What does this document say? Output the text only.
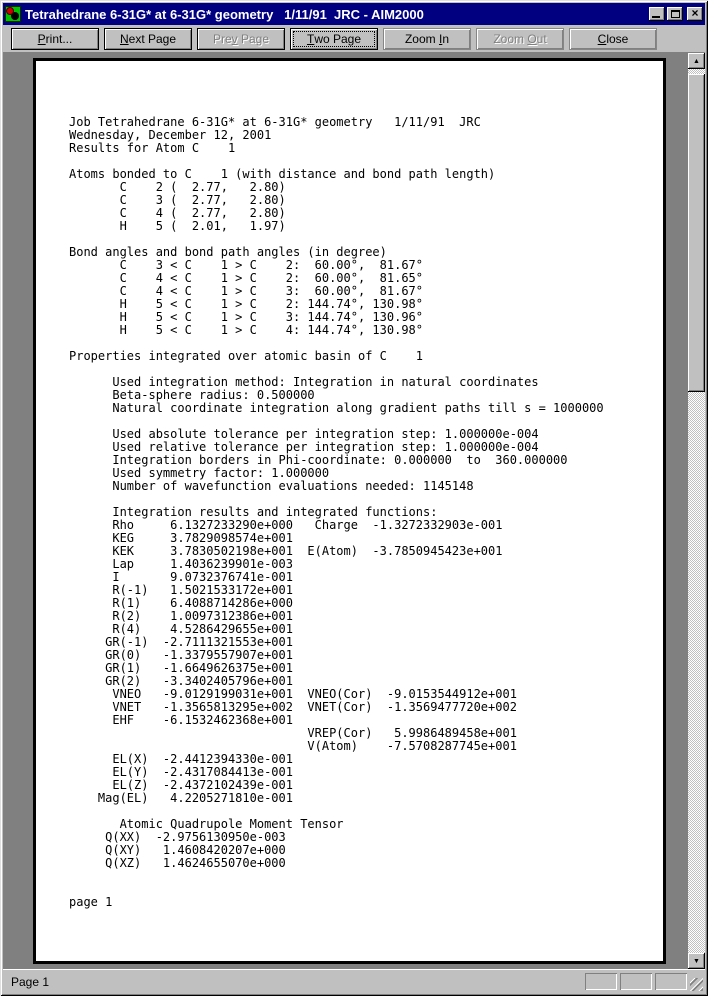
Tetrahedrane 6-31G* at 6-31G* geometry   1/11/91  JRC - AIM2000	×
P rint...	N ext Page	Pre v Page	T wo Page	Zoom I n	Zoom O ut	C lose
Job Tetrahedrane 6-31G* at 6-31G* geometry   1/11/91  JRC
Wednesday, December 12, 2001
Results for Atom C    1
Atoms bonded to C    1 (with distance and bond path length)
C    2 (  2.77,   2.80)
C    3 (  2.77,   2.80)
C    4 (  2.77,   2.80)
H    5 (  2.01,   1.97)
Bond angles and bond path angles (in degree)
C    3 < C    1 > C    2:  60.00°,  81.67°
C    4 < C    1 > C    2:  60.00°,  81.65°
C    4 < C    1 > C    3:  60.00°,  81.67°
H    5 < C    1 > C    2: 144.74°, 130.98°
H    5 < C    1 > C    3: 144.74°, 130.96°
H    5 < C    1 > C    4: 144.74°, 130.98°
Properties integrated over atomic basin of C    1
Used integration method: Integration in natural coordinates
Beta-sphere radius: 0.500000
Natural coordinate integration along gradient paths till s = 1000000
Used absolute tolerance per integration step: 1.000000e-004
Used relative tolerance per integration step: 1.000000e-004
Integration borders in Phi-coordinate: 0.000000  to  360.000000
Used symmetry factor: 1.000000
Number of wavefunction evaluations needed: 1145148
Integration results and integrated functions:
Rho     6.1327233290e+000   Charge  -1.3272332903e-001
KEG     3.7829098574e+001
KEK     3.7830502198e+001  E(Atom)  -3.7850945423e+001
Lap     1.4036239901e-003
I       9.0732376741e-001
R(-1)   1.5021533172e+001
R(1)    6.4088714286e+000
R(2)    1.0097312386e+001
R(4)    4.5286429655e+001
GR(-1)  -2.7111321553e+001
GR(0)   -1.3379557907e+001
GR(1)   -1.6649626375e+001
GR(2)   -3.3402405796e+001
VNEO   -9.0129199031e+001  VNEO(Cor)  -9.0153544912e+001
VNET   -1.3565813295e+002  VNET(Cor)  -1.3569477720e+002
EHF    -6.1532462368e+001
VREP(Cor)   5.9986489458e+001
V(Atom)    -7.5708287745e+001
EL(X)  -2.4412394330e-001
EL(Y)  -2.4317084413e-001
EL(Z)  -2.4372102439e-001
Mag(EL)   4.2205271810e-001
Atomic Quadrupole Moment Tensor
Q(XX)  -2.9756130950e-003
Q(XY)   1.4608420207e+000
Q(XZ)   1.4624655070e+000
page 1
▲
▼
Page 1
